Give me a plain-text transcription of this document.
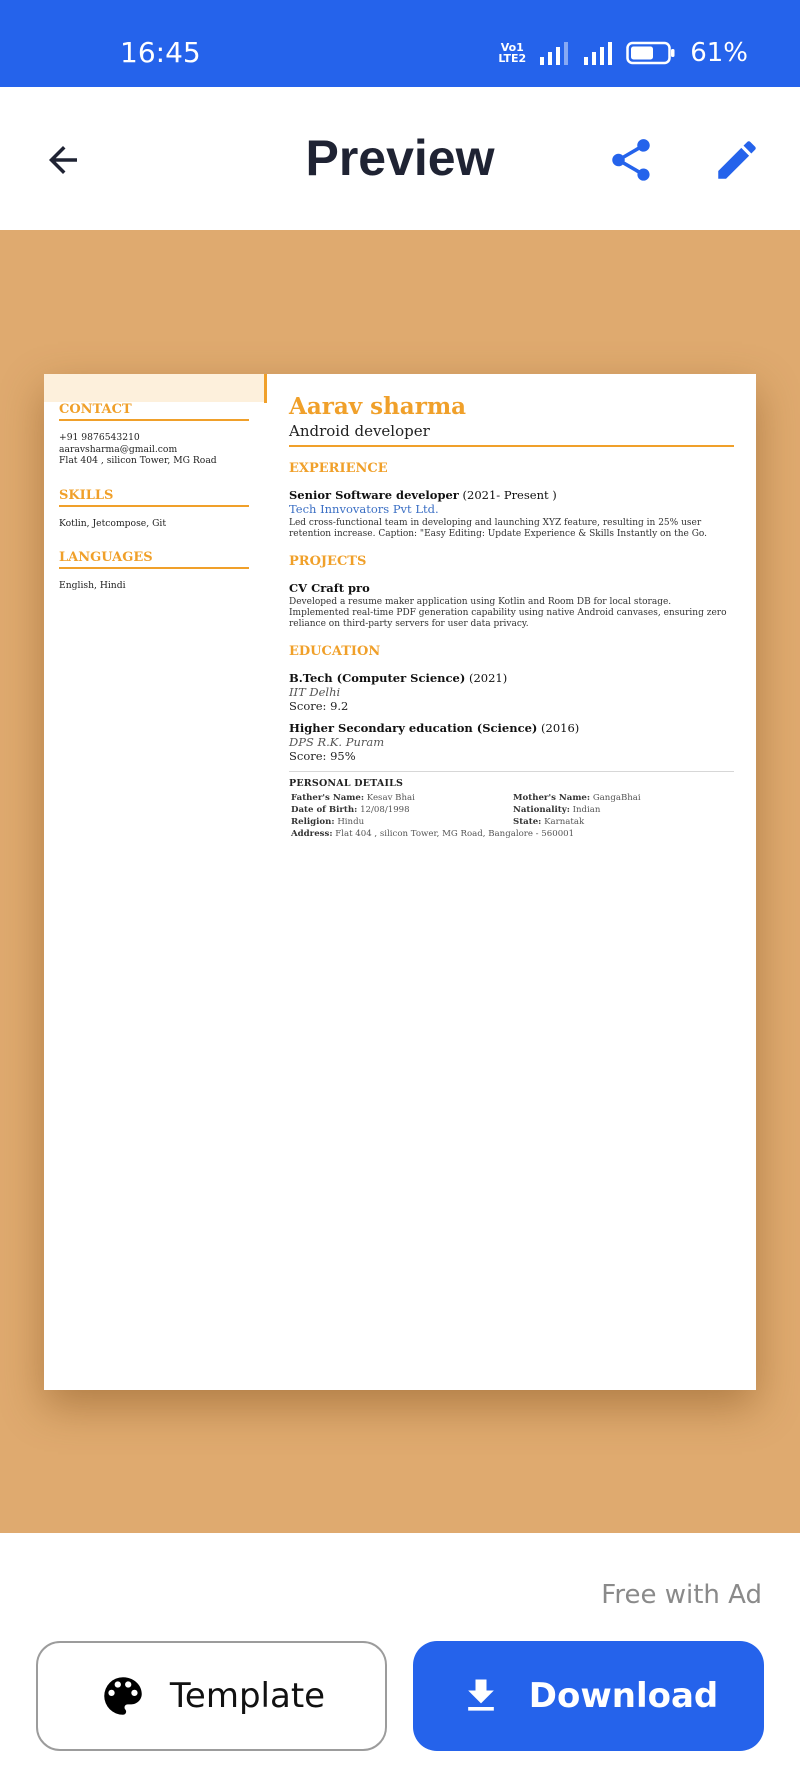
16:45	Vo1
LTE2	61%
Preview
CONTACT
+91 9876543210
aaravsharma@gmail.com
Flat 404 , silicon Tower, MG Road
SKILLS
Kotlin, Jetcompose, Git
LANGUAGES
English, Hindi
Aarav sharma
Android developer
EXPERIENCE
Senior Software developer (2021- Present )
Tech Innvovators Pvt Ltd.
Led cross-functional team in developing and launching XYZ feature, resulting in 25% user retention increase. Caption: "Easy Editing: Update Experience & Skills Instantly on the Go.
PROJECTS
CV Craft pro
Developed a resume maker application using Kotlin and Room DB for local storage. Implemented real-time PDF generation capability using native Android canvases, ensuring zero reliance on third-party servers for user data privacy.
EDUCATION
B.Tech (Computer Science) (2021)
IIT Delhi
Score: 9.2
Higher Secondary education (Science) (2016)
DPS R.K. Puram
Score: 95%
PERSONAL DETAILS
Father's Name: Kesav Bhai	Mother's Name: GangaBhai
Date of Birth: 12/08/1998	Nationality: Indian
Religion: Hindu	State: Karnatak
Address: Flat 404 , silicon Tower, MG Road, Bangalore - 560001
Free with Ad
Template	Download
